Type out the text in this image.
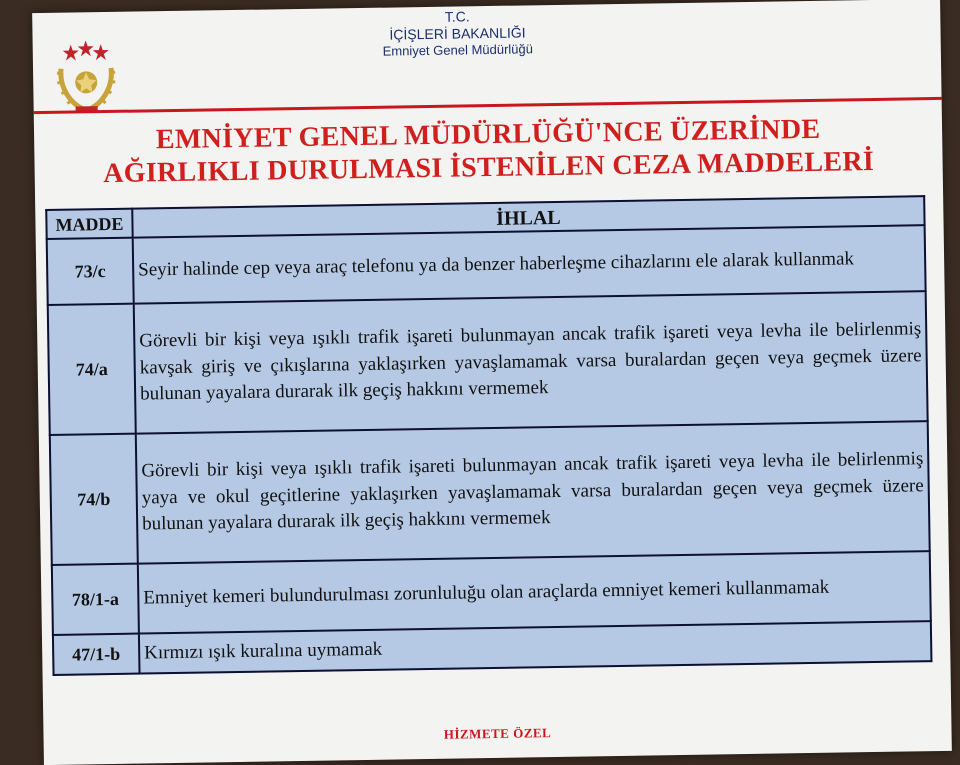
T.C.
İÇİŞLERİ BAKANLIĞI
Emniyet Genel Müdürlüğü
EMNİYET GENEL MÜDÜRLÜĞÜ'NCE ÜZERİNDE
AĞIRLIKLI DURULMASI İSTENİLEN CEZA MADDELERİ
MADDE	İHLAL
73/c	Seyir halinde cep veya araç telefonu ya da benzer haberleşme cihazlarını ele alarak kullanmak
74/a	Görevli bir kişi veya ışıklı trafik işareti bulunmayan ancak trafik işareti veya levha ile belirlenmiş kavşak giriş ve çıkışlarına yaklaşırken yavaşlamamak varsa buralardan geçen veya geçmek üzere bulunan yayalara durarak ilk geçiş hakkını vermemek
74/b	Görevli bir kişi veya ışıklı trafik işareti bulunmayan ancak trafik işareti veya levha ile belirlenmiş yaya ve okul geçitlerine yaklaşırken yavaşlamamak varsa buralardan geçen veya geçmek üzere bulunan yayalara durarak ilk geçiş hakkını vermemek
78/1-a	Emniyet kemeri bulundurulması zorunluluğu olan araçlarda emniyet kemeri kullanmamak
47/1-b	Kırmızı ışık kuralına uymamak
HİZMETE ÖZEL
